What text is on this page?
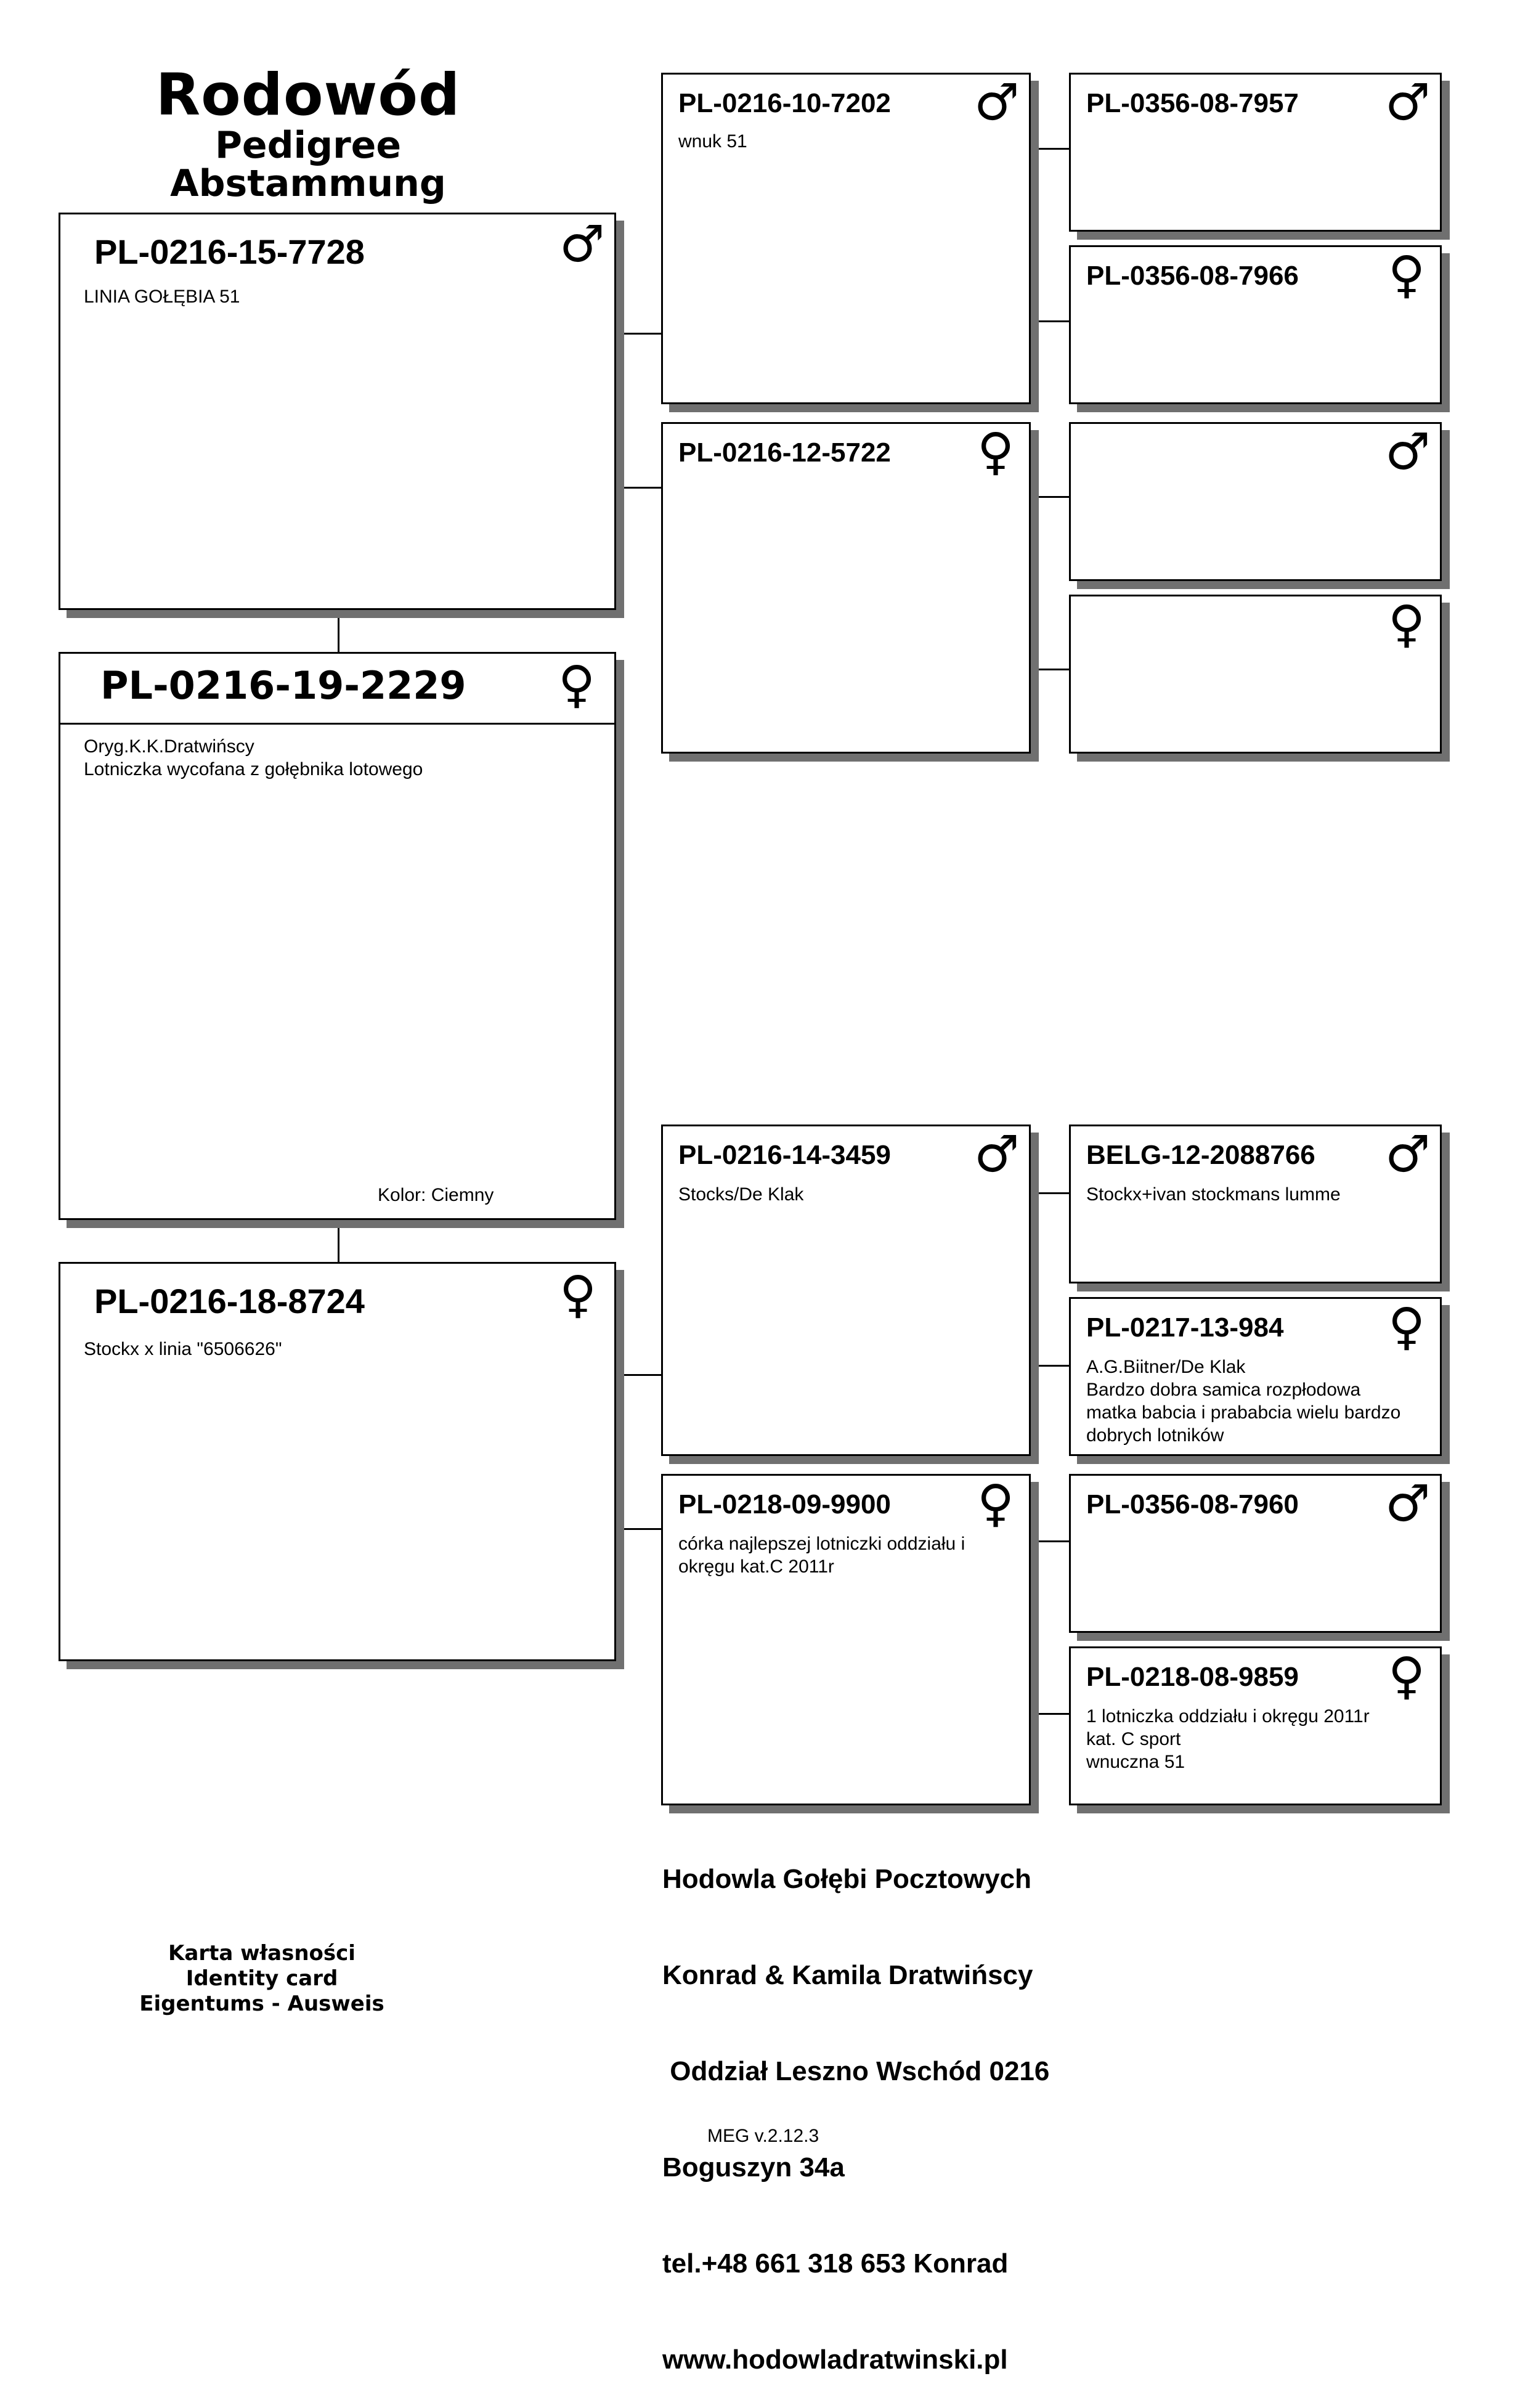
Rodowód
Pedigree
Abstammung
PL-0216-15-7728	♂
LINIA GOŁĘBIA 51
PL-0216-19-2229 ♀
Oryg.K.K.Dratwińscy
Lotniczka wycofana z gołębnika lotowego
Kolor: Ciemny
PL-0216-18-8724	♀
Stockx x linia "6506626"
PL-0216-10-7202 ♂
wnuk 51
PL-0216-12-5722 ♀
PL-0216-14-3459 ♂
Stocks/De Klak
PL-0218-09-9900 ♀
córka najlepszej lotniczki oddziału i
okręgu kat.C 2011r
PL-0356-08-7957 ♂
PL-0356-08-7966 ♀
♂
♀
BELG-12-2088766 ♂
Stockx+ivan stockmans lumme
PL-0217-13-984 ♀
A.G.Biitner/De Klak
Bardzo dobra samica rozpłodowa
matka babcia i prababcia wielu bardzo
dobrych lotników
PL-0356-08-7960 ♂
PL-0218-08-9859 ♀
1 lotniczka oddziału i okręgu 2011r
kat. C sport
wnuczna 51

Hodowla Gołębi Pocztowych

Konrad & Kamila Dratwińscy

Oddział Leszno Wschód 0216

Boguszyn 34a

tel.+48 661 318 653 Konrad

www.hodowladratwinski.pl

Karta własności
Identity card
Eigentums - Ausweis
MEG v.2.12.3
